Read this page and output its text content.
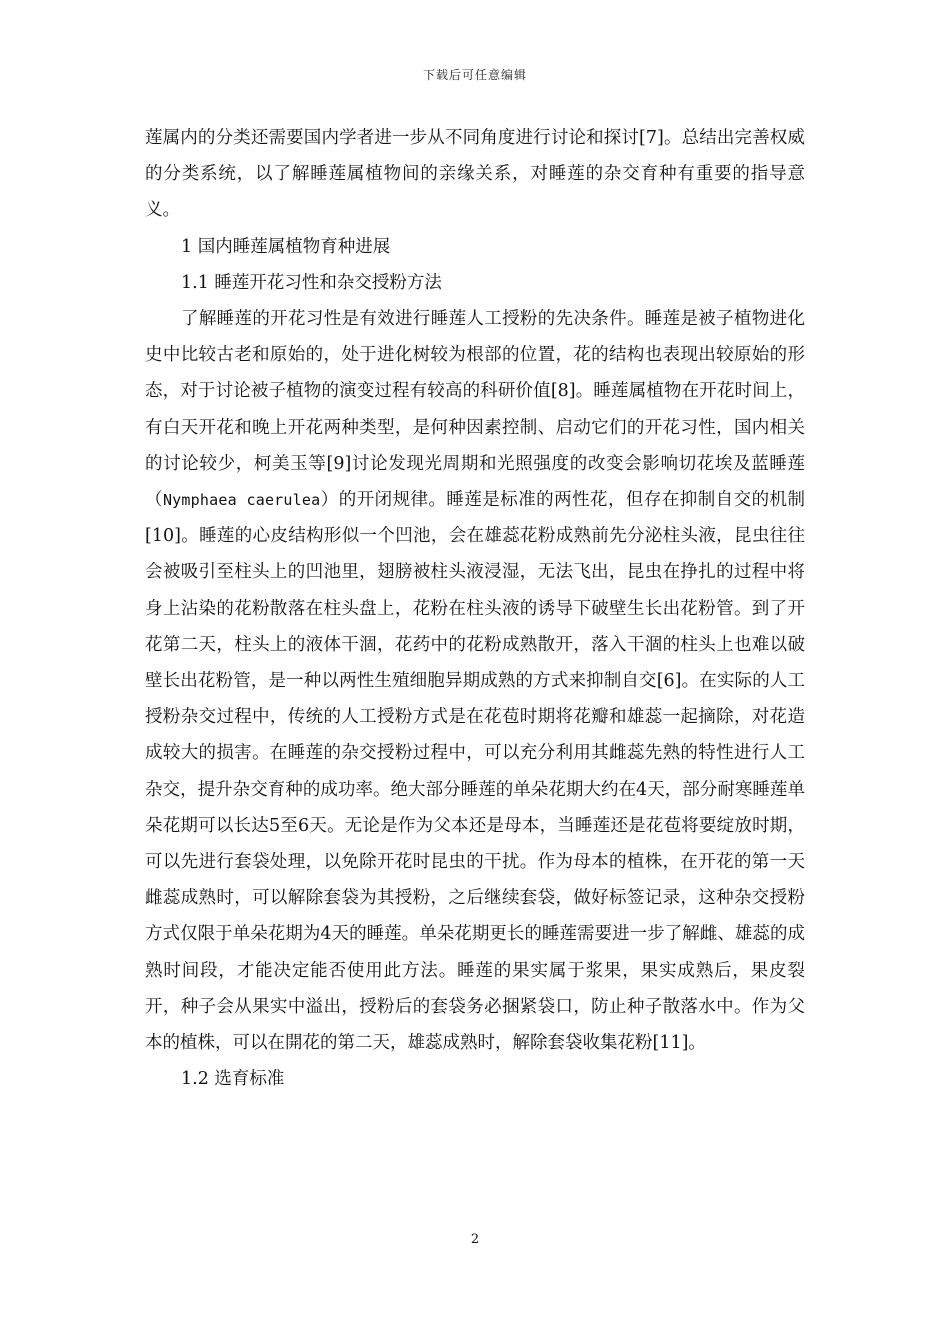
下载后可任意编辑

莲属内的分类还需要国内学者进一步从不同角度进行讨论和探讨[7]。总结出完善权威的分类系统，以了解睡莲属植物间的亲缘关系，对睡莲的杂交育种有重要的指导意义。

1 国内睡莲属植物育种进展

1.1 睡莲开花习性和杂交授粉方法

了解睡莲的开花习性是有效进行睡莲人工授粉的先决条件。睡莲是被子植物进化史中比较古老和原始的，处于进化树较为根部的位置，花的结构也表现出较原始的形态，对于讨论被子植物的演变过程有较高的科研价值[8]。睡莲属植物在开花时间上，有白天开花和晚上开花两种类型，是何种因素控制、启动它们的开花习性，国内相关的讨论较少，柯美玉等[9]讨论发现光周期和光照强度的改变会影响切花埃及蓝睡莲（Nymphaea caerulea）的开闭规律。睡莲是标准的两性花，但存在抑制自交的机制[10]。睡莲的心皮结构形似一个凹池，会在雄蕊花粉成熟前先分泌柱头液，昆虫往往会被吸引至柱头上的凹池里，翅膀被柱头液浸湿，无法飞出，昆虫在挣扎的过程中将身上沾染的花粉散落在柱头盘上，花粉在柱头液的诱导下破壁生长出花粉管。到了开花第二天，柱头上的液体干涸，花药中的花粉成熟散开，落入干涸的柱头上也难以破壁长出花粉管，是一种以两性生殖细胞异期成熟的方式来抑制自交[6]。在实际的人工授粉杂交过程中，传统的人工授粉方式是在花苞时期将花瓣和雄蕊一起摘除，对花造成较大的损害。在睡莲的杂交授粉过程中，可以充分利用其雌蕊先熟的特性进行人工杂交，提升杂交育种的成功率。绝大部分睡莲的单朵花期大约在4天，部分耐寒睡莲单朵花期可以长达5至6天。无论是作为父本还是母本，当睡莲还是花苞将要绽放时期，可以先进行套袋处理，以免除开花时昆虫的干扰。作为母本的植株，在开花的第一天雌蕊成熟时，可以解除套袋为其授粉，之后继续套袋，做好标签记录，这种杂交授粉方式仅限于单朵花期为4天的睡莲。单朵花期更长的睡莲需要进一步了解雌、雄蕊的成熟时间段，才能决定能否使用此方法。睡莲的果实属于浆果，果实成熟后，果皮裂开，种子会从果实中溢出，授粉后的套袋务必捆紧袋口，防止种子散落水中。作为父本的植株，可以在開花的第二天，雄蕊成熟时，解除套袋收集花粉[11]。

1.2 选育标准

2
